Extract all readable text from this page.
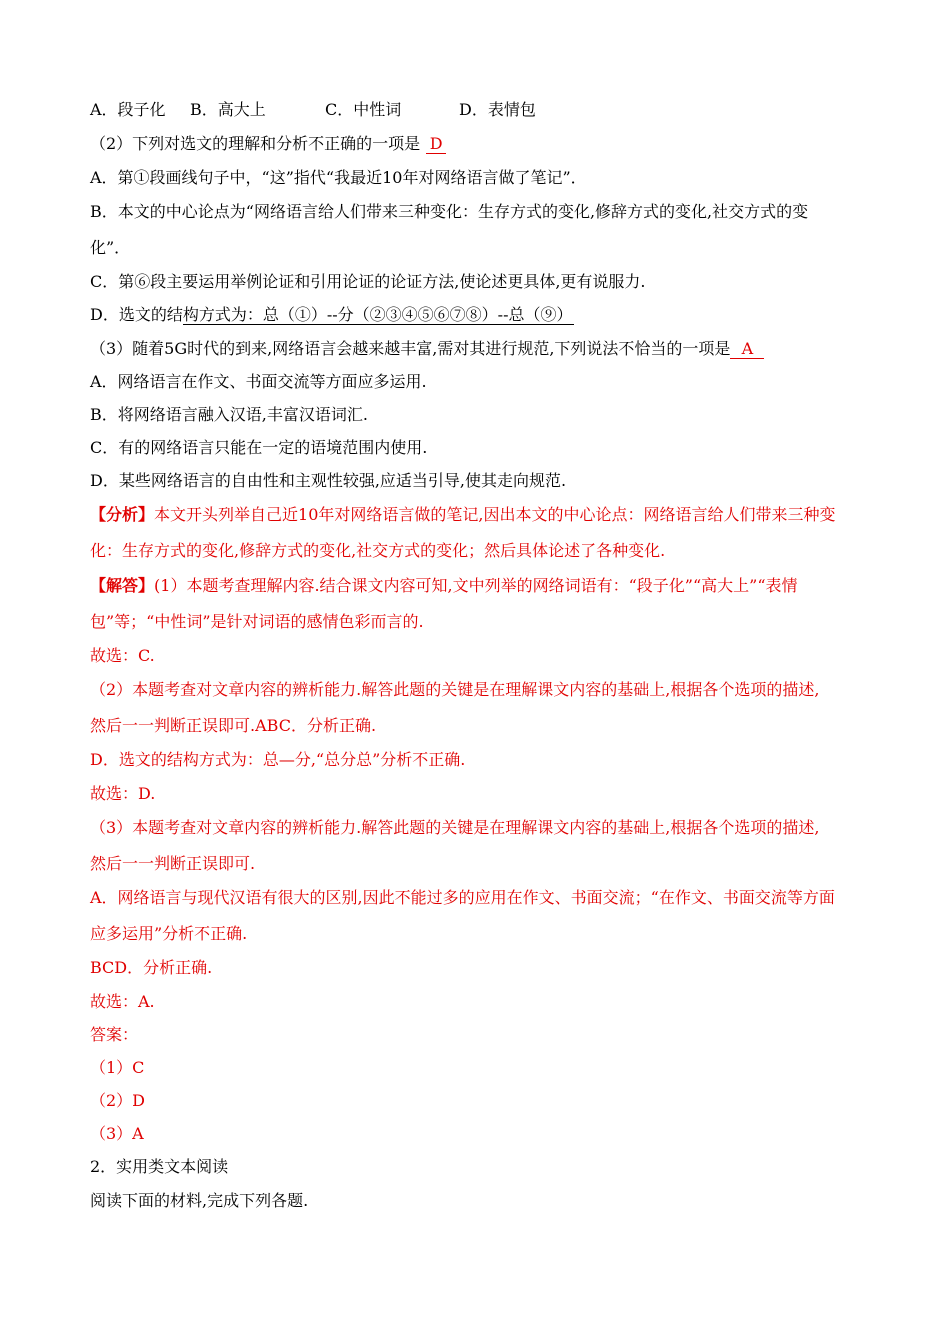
A．段子化 B．高大上	C．中性词	D．表情包
（2）下列对选文的理解和分析不正确的一项是 D
A．第①段画线句子中，“这”指代“我最近10年对网络语言做了笔记”．
B．本文的中心论点为“网络语言给人们带来三种变化：生存方式的变化,修辞方式的变化,社交方式的变
化”．
C．第⑥段主要运用举例论证和引用论证的论证方法,使论述更具体,更有说服力.
D．选文的结构方式为：总（①）--分（②③④⑤⑥⑦⑧）--总（⑨）
（3）随着5G时代的到来,网络语言会越来越丰富,需对其进行规范,下列说法不恰当的一项是 A
A．网络语言在作文、书面交流等方面应多运用.
B．将网络语言融入汉语,丰富汉语词汇.
C．有的网络语言只能在一定的语境范围内使用.
D．某些网络语言的自由性和主观性较强,应适当引导,使其走向规范.
【分析】本文开头列举自己近10年对网络语言做的笔记,因出本文的中心论点：网络语言给人们带来三种变
化：生存方式的变化,修辞方式的变化,社交方式的变化；然后具体论述了各种变化.
【解答】(1）本题考查理解内容.结合课文内容可知,文中列举的网络词语有：“段子化”“高大上”“表情
包”等；“中性词”是针对词语的感情色彩而言的.
故选：C.
（2）本题考查对文章内容的辨析能力.解答此题的关键是在理解课文内容的基础上,根据各个选项的描述,
然后一一判断正误即可.ABC．分析正确.
D．选文的结构方式为：总—分,“总分总”分析不正确.
故选：D.
（3）本题考查对文章内容的辨析能力.解答此题的关键是在理解课文内容的基础上,根据各个选项的描述,
然后一一判断正误即可.
A．网络语言与现代汉语有很大的区别,因此不能过多的应用在作文、书面交流；“在作文、书面交流等方面
应多运用”分析不正确.
BCD．分析正确.
故选：A.
答案：
（1）C
（2）D
（3）A
2．实用类文本阅读
阅读下面的材料,完成下列各题.
